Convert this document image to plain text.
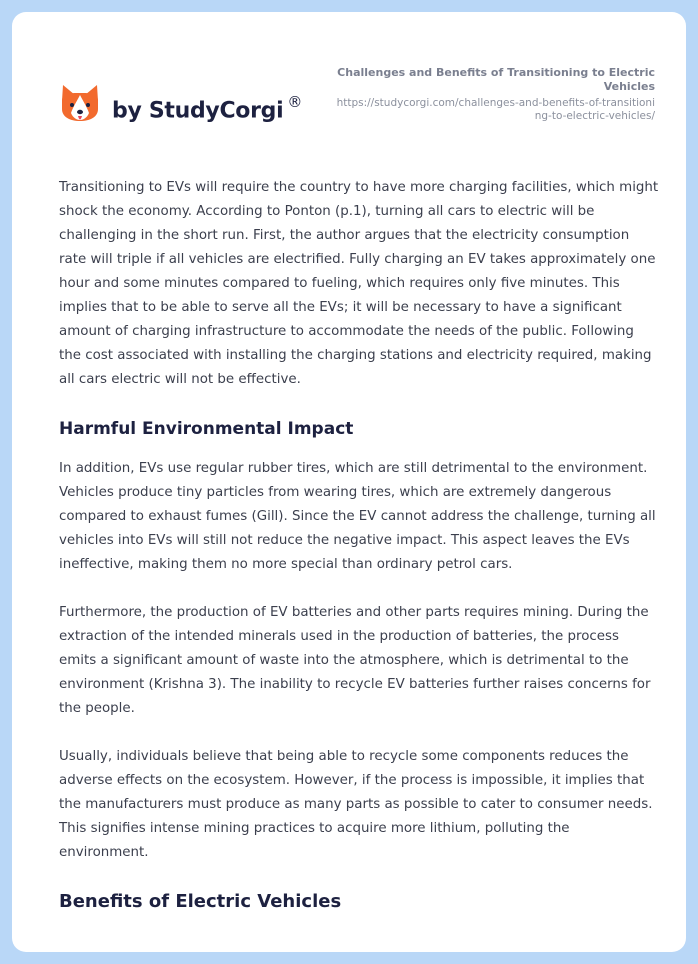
by StudyCorgi ®
Challenges and Benefits of Transitioning to Electric Vehicles
https://studycorgi.com/challenges-and-benefits-of-transitioning-to-electric-vehicles/

Transitioning to EVs will require the country to have more charging facilities, which might shock the economy. According to Ponton (p.1), turning all cars to electric will be challenging in the short run. First, the author argues that the electricity consumption rate will triple if all vehicles are electrified. Fully charging an EV takes approximately one hour and some minutes compared to fueling, which requires only five minutes. This implies that to be able to serve all the EVs; it will be necessary to have a significant amount of charging infrastructure to accommodate the needs of the public. Following the cost associated with installing the charging stations and electricity required, making all cars electric will not be effective.

Harmful Environmental Impact

In addition, EVs use regular rubber tires, which are still detrimental to the environment. Vehicles produce tiny particles from wearing tires, which are extremely dangerous compared to exhaust fumes (Gill). Since the EV cannot address the challenge, turning all vehicles into EVs will still not reduce the negative impact. This aspect leaves the EVs ineffective, making them no more special than ordinary petrol cars.

Furthermore, the production of EV batteries and other parts requires mining. During the extraction of the intended minerals used in the production of batteries, the process emits a significant amount of waste into the atmosphere, which is detrimental to the environment (Krishna 3). The inability to recycle EV batteries further raises concerns for the people.

Usually, individuals believe that being able to recycle some components reduces the adverse effects on the ecosystem. However, if the process is impossible, it implies that the manufacturers must produce as many parts as possible to cater to consumer needs. This signifies intense mining practices to acquire more lithium, polluting the environment.

Benefits of Electric Vehicles
